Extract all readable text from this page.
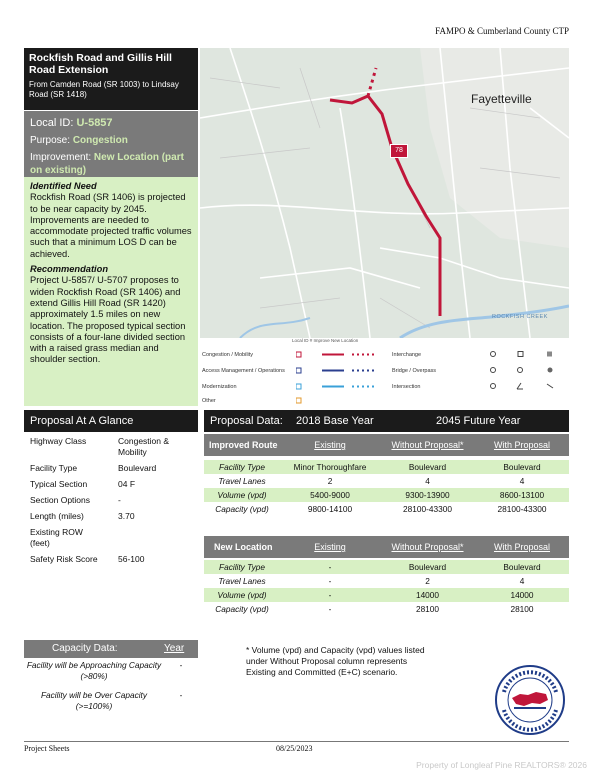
FAMPO & Cumberland County CTP
Rockfish Road and Gillis Hill Road Extension
From Camden Road (SR 1003) to Lindsay Road (SR 1418)
Local ID: U-5857
Purpose: Congestion
Improvement: New Location (part on existing)
Identified Need

Rockfish Road (SR 1406) is projected to be near capacity by 2045. Improvements are needed to accommodate projected traffic volumes such that a minimum LOS D can be achieved.

Recommendation

Project U-5857/ U-5707 proposes to widen Rockfish Road (SR 1406) and extend Gillis Hill Road (SR 1420) approximately 1.5 miles on new location. The proposed typical section consists of a four-lane divided section with a raised grass median and shoulder section.

Fayetteville
78
ROCKFISH CREEK
Local ID # Improve New Location
Congestion / Mobility
Access Management / Operations
Modernization
Other
Interchange
Bridge / Overpass
Intersection
Proposal At A Glance
Highway Class	Congestion & Mobility
Facility Type	Boulevard
Typical Section	04 F
Section Options	-
Length (miles)	3.70
Existing ROW (feet)
Safety Risk Score	56-100
Proposal Data: 2018 Base Year	2045 Future Year
Improved Route	Existing	Without Proposal*	With Proposal
Facility Type	Minor Thoroughfare	Boulevard	Boulevard
Travel Lanes	2	4	4
Volume (vpd)	5400-9000	9300-13900	8600-13100
Capacity (vpd)	9800-14100	28100-43300	28100-43300
New Location	Existing	Without Proposal*	With Proposal
Facility Type	-	Boulevard	Boulevard
Travel Lanes	-	2	4
Volume (vpd)	-	14000	14000
Capacity (vpd)	-	28100	28100
Capacity Data:	Year
Facility will be Approaching Capacity (>80%)
-
Facility will be Over Capacity (>=100%)
-
* Volume (vpd) and Capacity (vpd) values listed under Without Proposal column represents Existing and Committed (E+C) scenario.
Project Sheets	08/25/2023
Property of Longleaf Pine REALTORS® 2026
